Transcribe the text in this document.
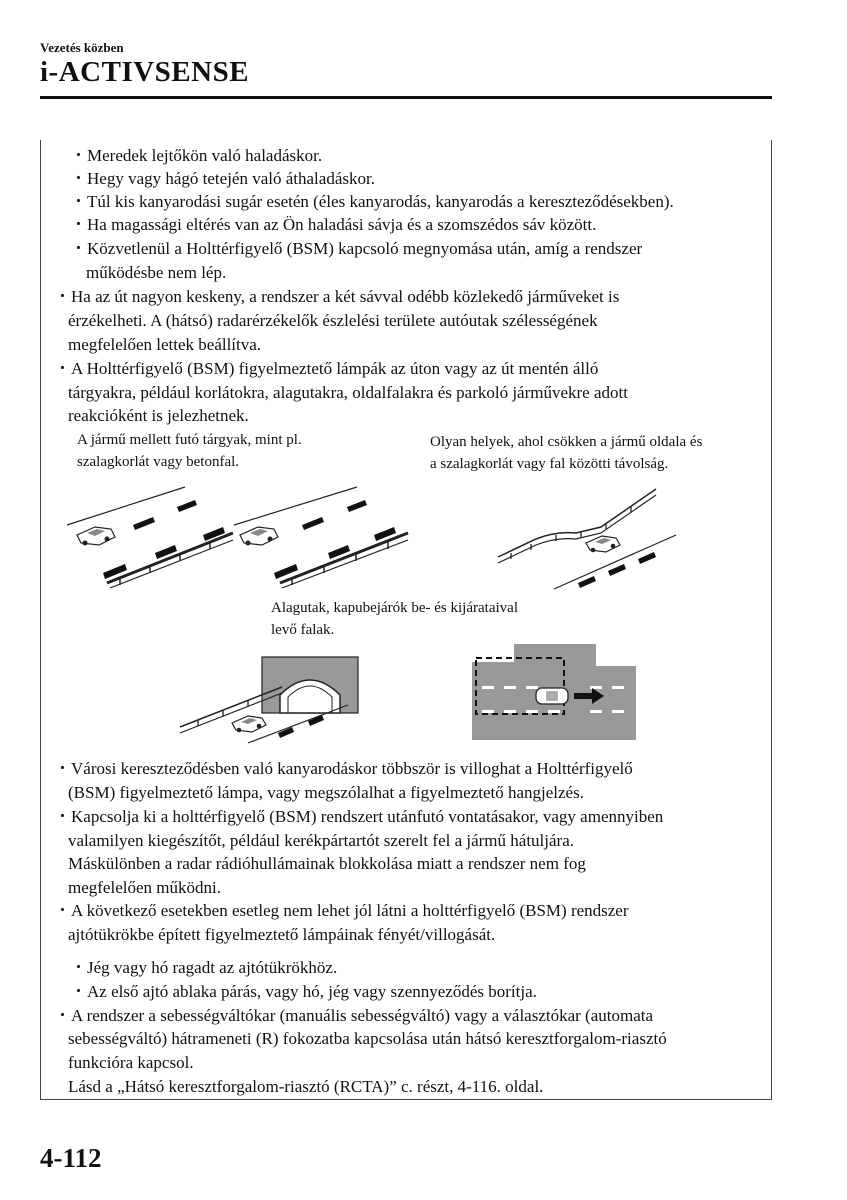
Vezetés közben
i-ACTIVSENSE
・Meredek lejtőkön való haladáskor.
・Hegy vagy hágó tetején való áthaladáskor.
・Túl kis kanyarodási sugár esetén (éles kanyarodás, kanyarodás a kereszteződésekben).
・Ha magassági eltérés van az Ön haladási sávja és a szomszédos sáv között.
・Közvetlenül a Holttérfigyelő (BSM) kapcsoló megnyomása után, amíg a rendszer
működésbe nem lép.
・Ha az út nagyon keskeny, a rendszer a két sávval odébb közlekedő járműveket is
érzékelheti. A (hátsó) radarérzékelők észlelési területe autóutak szélességének
megfelelően lettek beállítva.
・A Holttérfigyelő (BSM) figyelmeztető lámpák az úton vagy az út mentén álló
tárgyakra, például korlátokra, alagutakra, oldalfalakra és parkoló járművekre adott
reakcióként is jelezhetnek.
A jármű mellett futó tárgyak, mint pl.
szalagkorlát vagy betonfal.
Olyan helyek, ahol csökken a jármű oldala és
a szalagkorlát vagy fal közötti távolság.
Alagutak, kapubejárók be- és kijárataival
levő falak.
・Városi kereszteződésben való kanyarodáskor többször is villoghat a Holttérfigyelő
(BSM) figyelmeztető lámpa, vagy megszólalhat a figyelmeztető hangjelzés.
・Kapcsolja ki a holttérfigyelő (BSM) rendszert utánfutó vontatásakor, vagy amennyiben
valamilyen kiegészítőt, például kerékpártartót szerelt fel a jármű hátuljára.
Máskülönben a radar rádióhullámainak blokkolása miatt a rendszer nem fog
megfelelően működni.
・A következő esetekben esetleg nem lehet jól látni a holttérfigyelő (BSM) rendszer
ajtótükrökbe épített figyelmeztető lámpáinak fényét/villogását.
・Jég vagy hó ragadt az ajtótükrökhöz.
・Az első ajtó ablaka párás, vagy hó, jég vagy szennyeződés borítja.
・A rendszer a sebességváltókar (manuális sebességváltó) vagy a választókar (automata
sebességváltó) hátrameneti (R) fokozatba kapcsolása után hátsó keresztforgalom-riasztó
funkcióra kapcsol.
Lásd a „Hátsó keresztforgalom-riasztó (RCTA)” c. részt, 4-116. oldal.
4-112
